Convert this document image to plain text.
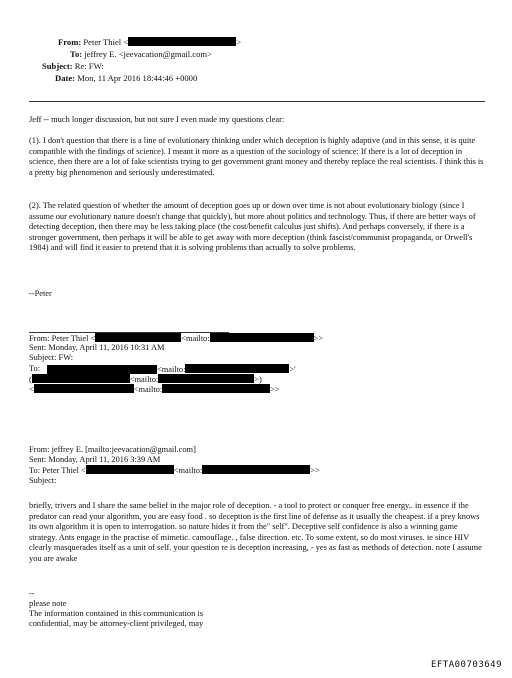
From: Peter Thiel <	>
To: jeffrey E. <jeevacation@gmail.com>
Subject: Re: FW:
Date: Mon, 11 Apr 2016 18:44:46 +0000
Jeff -- much longer discussion, but not sure I even made my questions clear:
(1). I don't question that there is a line of evolutionary thinking under which deception is highly adaptive (and in this sense, it is quite compatible with the findings of science). I meant it more as a question of the sociology of science: If there is a lot of deception in science, then there are a lot of fake scientists trying to get government grant money and thereby replace the real scientists. I think this is a pretty big phenomenon and seriously underestimated.
(2). The related question of whether the amount of deception goes up or down over time is not about evolutionary biology (since I assume our evolutionary nature doesn't change that quickly), but more about politics and technology. Thus, if there are better ways of detecting deception, then there may be less taking place (the cost/benefit calculus just shifts). And perhaps conversely, if there is a stronger government, then perhaps it will be able to get away with more deception (think fascist/communist propaganda, or Orwell's 1984) and will find it easier to pretend that it is solving problems than actually to solve problems.
--Peter
From: Peter Thiel <	<mailto:	>>
Sent: Monday, April 11, 2016 10:31 AM
Subject: FW:
To:	<mailto:	>'
(	<mailto:	>)
<	<mailto:	>>
From: jeffrey E. [mailto:jeevacation@gmail.com]
Sent: Monday, April 11, 2016 3:39 AM
To: Peter Thiel <	<mailto:	>>
Subject:
briefly, trivers and I share the same belief in the major role of deception. - a tool to protect or conquer free energy.. in essence if the predator can read your algorithm, you are easy food . so deception is the first line of defense as it usually the cheapest. if a prey knows its own algorithm it is open to interrogation. so nature hides it from the" self". Deceptive self confidence is also a winning game strategy. Ants engage in the practise of mimetic. camouflage. , false direction. etc. To some extent, so do most viruses. ie since HIV clearly masquerades itself as a unit of self. your question re is deception increasing, - yes as fast as methods of detection. note I assume you are awake
--
please note
The information contained in this communication is
confidential, may be attorney-client privileged, may
EFTA00703649
